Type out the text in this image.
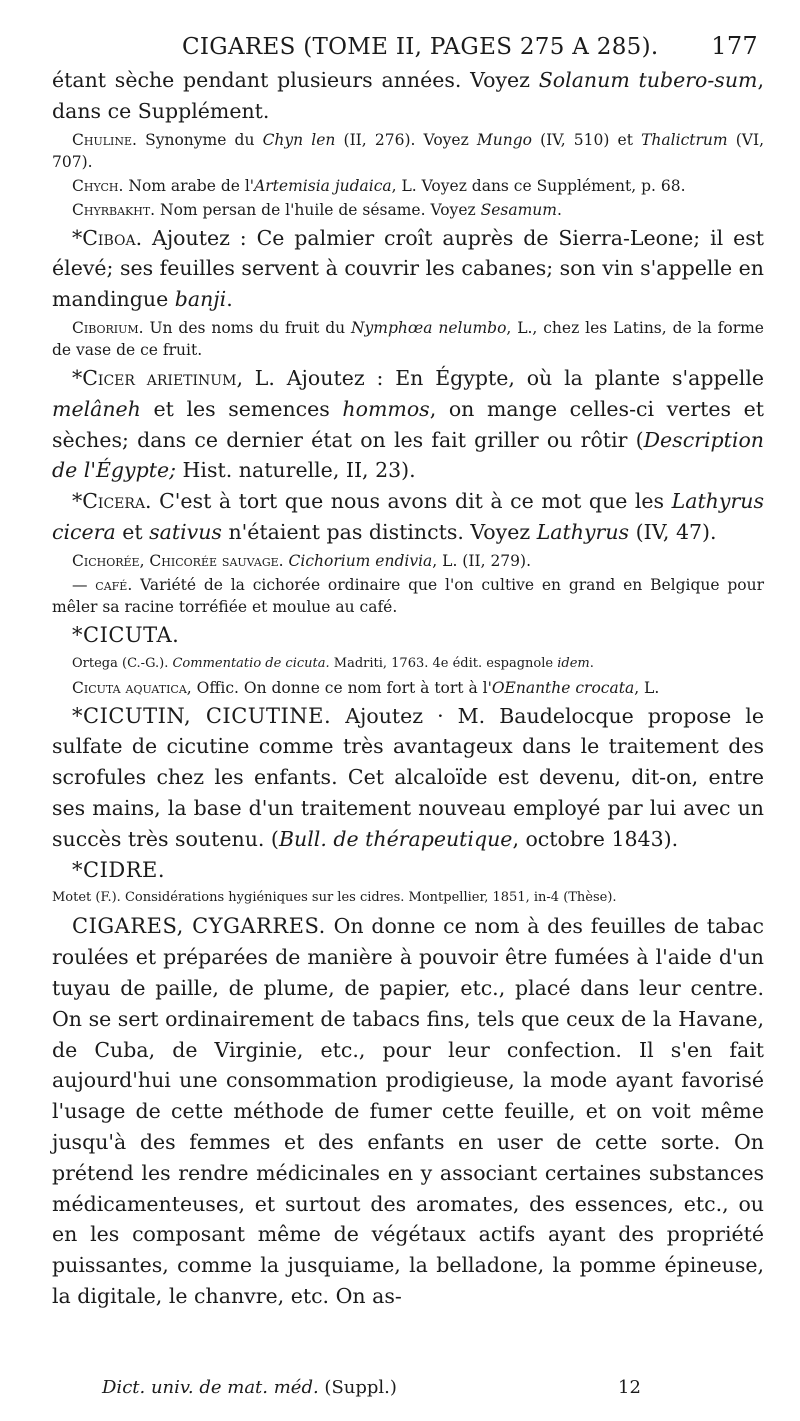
CIGARES (TOME II, PAGES 275 A 285). 177

étant sèche pendant plusieurs années. Voyez Solanum tubero-sum, dans ce Supplément.

Chuline. Synonyme du Chyn len (II, 276). Voyez Mungo (IV, 510) et Thalictrum (VI, 707).

Chych. Nom arabe de l'Artemisia judaica, L. Voyez dans ce Supplément, p. 68.

Chyrbakht. Nom persan de l'huile de sésame. Voyez Sesamum.

*Ciboa. Ajoutez : Ce palmier croît auprès de Sierra-Leone; il est élevé; ses feuilles servent à couvrir les cabanes; son vin s'appelle en mandingue banji.

Ciborium. Un des noms du fruit du Nymphœa nelumbo, L., chez les Latins, de la forme de vase de ce fruit.

*Cicer arietinum, L. Ajoutez : En Égypte, où la plante s'appelle melâneh et les semences hommos, on mange celles-ci vertes et sèches; dans ce dernier état on les fait griller ou rôtir (Description de l'Égypte; Hist. naturelle, II, 23).

*Cicera. C'est à tort que nous avons dit à ce mot que les Lathyrus cicera et sativus n'étaient pas distincts. Voyez Lathyrus (IV, 47).

Cichorée, Chicorée sauvage. Cichorium endivia, L. (II, 279).

— café. Variété de la cichorée ordinaire que l'on cultive en grand en Belgique pour mêler sa racine torréfiée et moulue au café.

*CICUTA.

Ortega (C.-G.). Commentatio de cicuta. Madriti, 1763. 4e édit. espagnole idem.

Cicuta aquatica, Offic. On donne ce nom fort à tort à l'OEnanthe crocata, L.

*CICUTIN, CICUTINE. Ajoutez · M. Baudelocque propose le sulfate de cicutine comme très avantageux dans le traitement des scrofules chez les enfants. Cet alcaloïde est devenu, dit-on, entre ses mains, la base d'un traitement nouveau employé par lui avec un succès très soutenu. (Bull. de thérapeutique, octobre 1843).

*CIDRE.

Motet (F.). Considérations hygiéniques sur les cidres. Montpellier, 1851, in-4 (Thèse).

CIGARES, CYGARRES. On donne ce nom à des feuilles de tabac roulées et préparées de manière à pouvoir être fumées à l'aide d'un tuyau de paille, de plume, de papier, etc., placé dans leur centre. On se sert ordinairement de tabacs fins, tels que ceux de la Havane, de Cuba, de Virginie, etc., pour leur confection. Il s'en fait aujourd'hui une consommation prodigieuse, la mode ayant favorisé l'usage de cette méthode de fumer cette feuille, et on voit même jusqu'à des femmes et des enfants en user de cette sorte. On prétend les rendre médicinales en y associant certaines substances médicamenteuses, et surtout des aromates, des essences, etc., ou en les composant même de végétaux actifs ayant des propriété puissantes, comme la jusquiame, la belladone, la pomme épineuse, la digitale, le chanvre, etc. On as-

Dict. univ. de mat. méd. (Suppl.)	12
